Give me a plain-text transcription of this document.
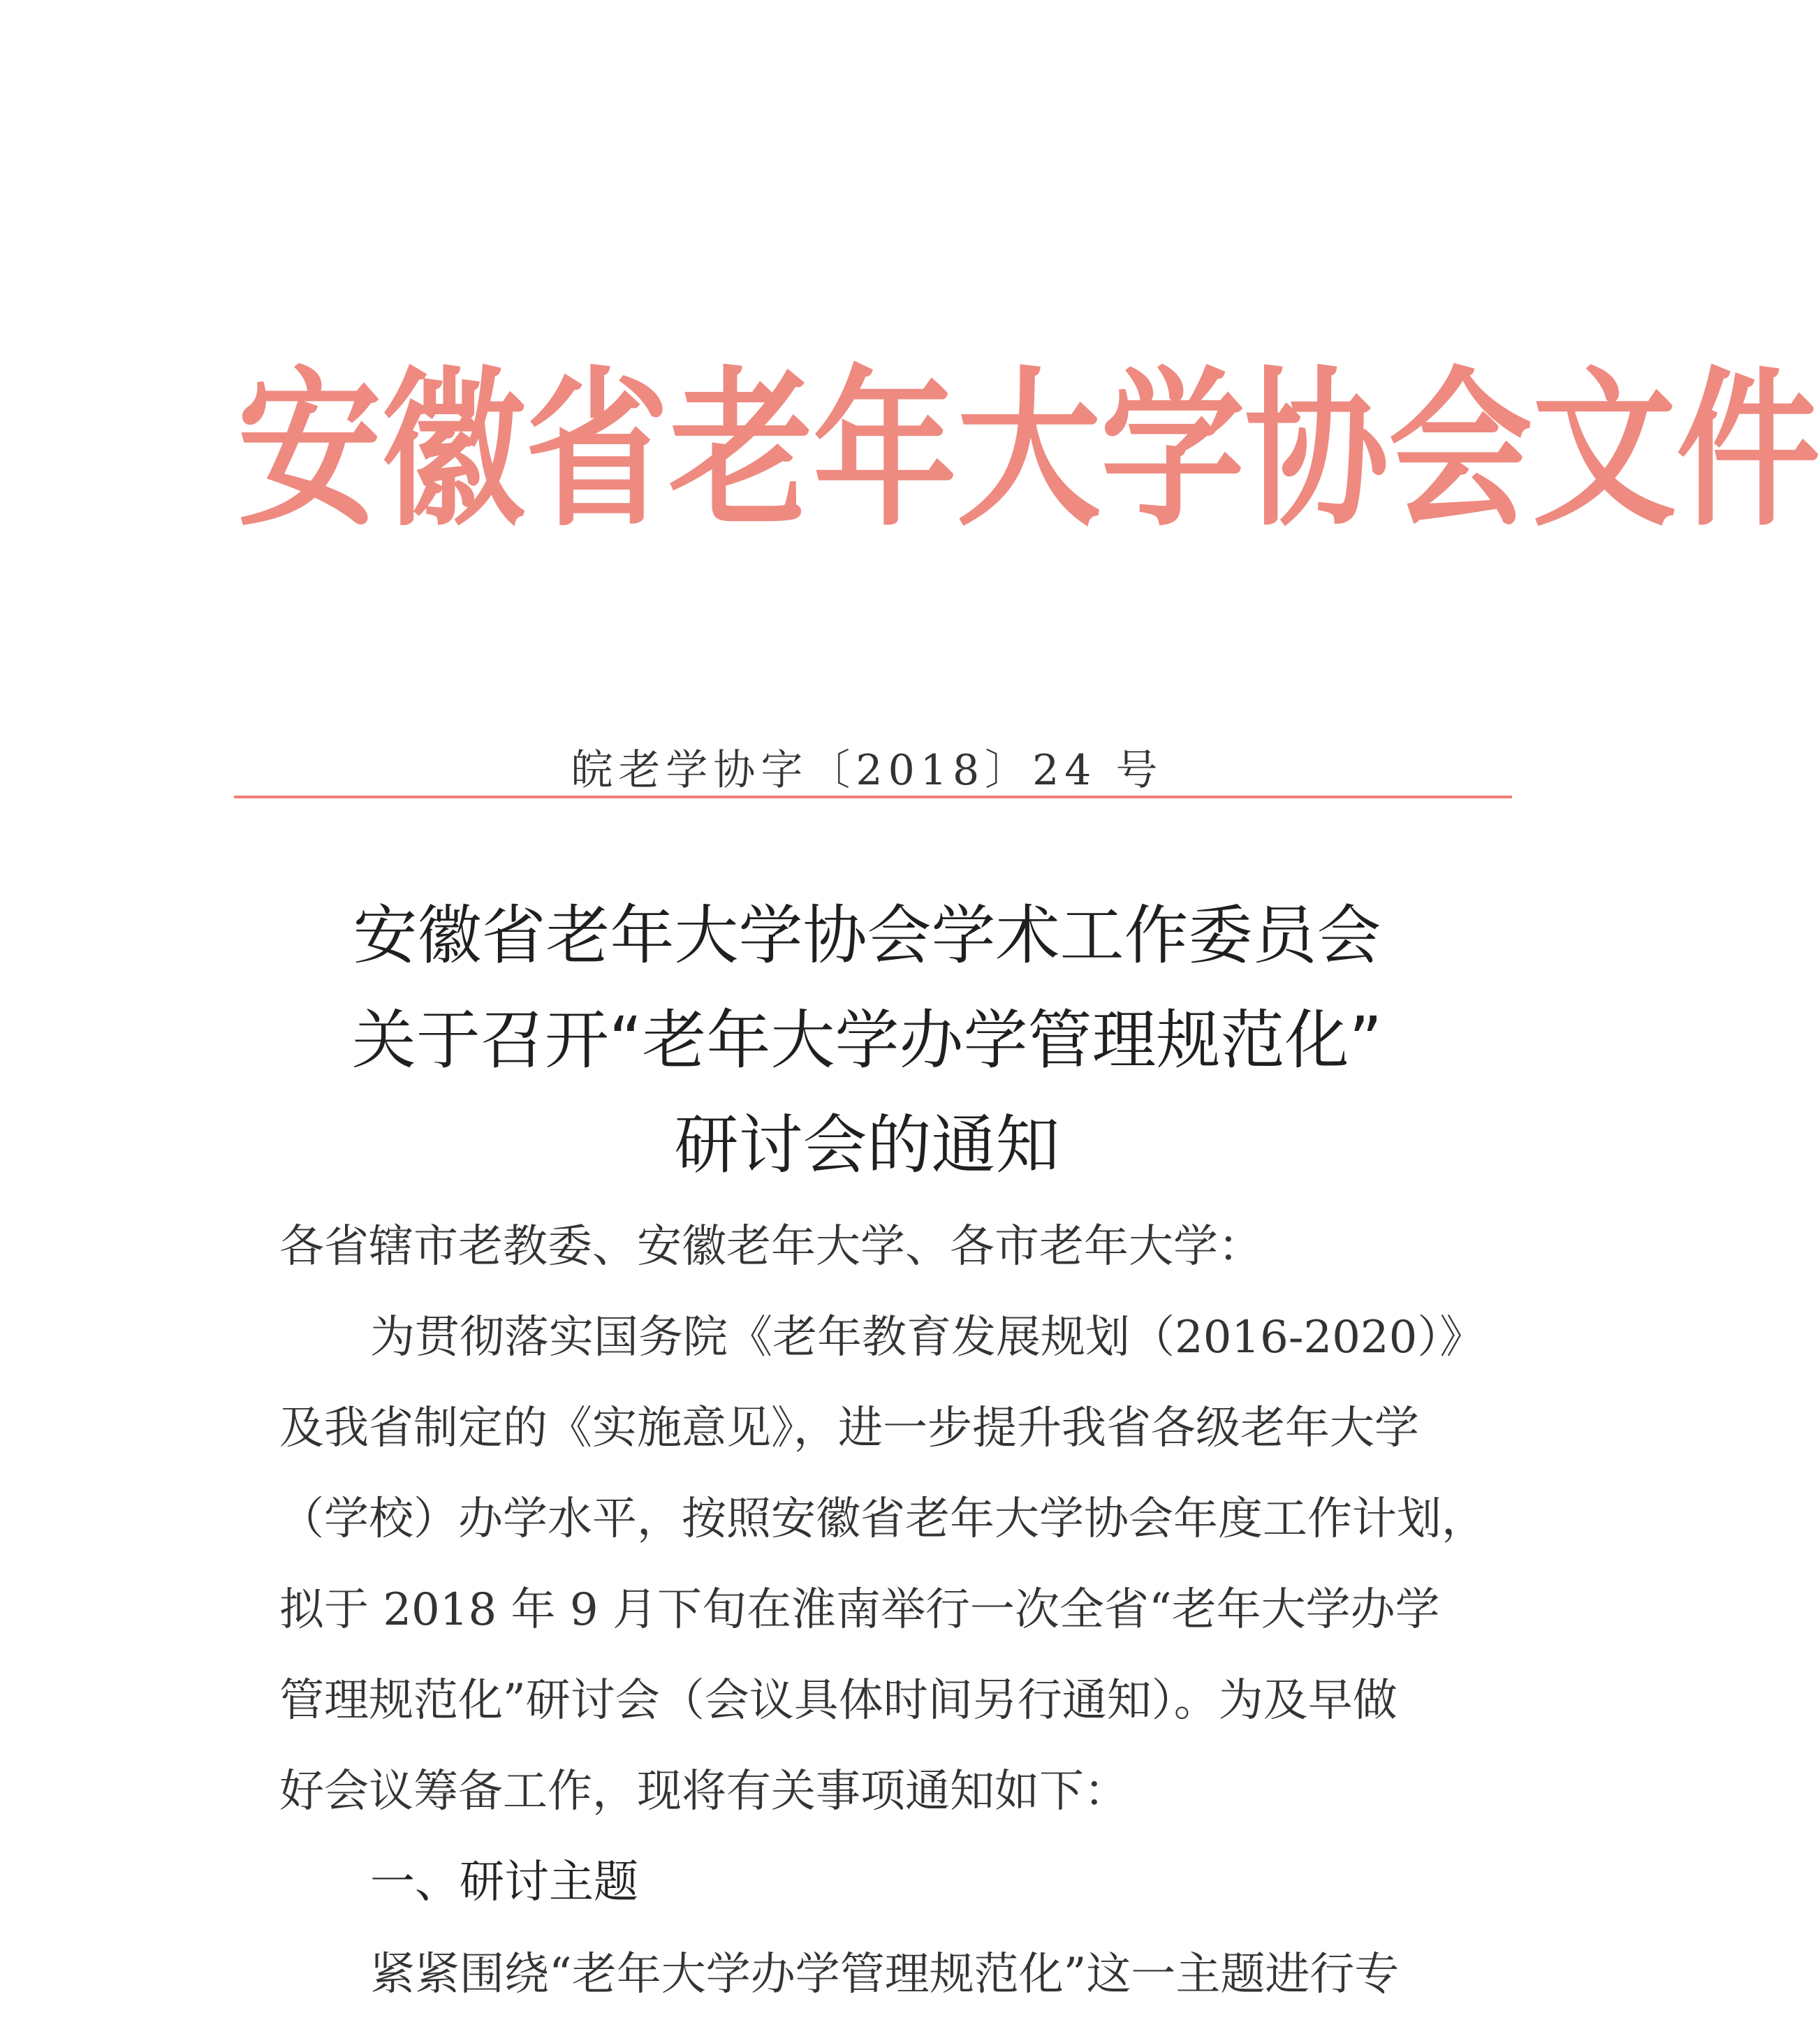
安 徽 省 老 年 大 学 协 会 文 件
皖老学协字〔2018〕24 号
安徽省老年大学协会学术工作委员会
关于召开“老年大学办学管理规范化”
研讨会的通知
各省辖市老教委、安徽老年大学、各市老年大学：
为贯彻落实国务院《老年教育发展规划（2016-2020）》
及我省制定的《实施意见》，进一步提升我省各级老年大学
（学校）办学水平，按照安徽省老年大学协会年度工作计划，
拟于 2018 年 9 月下旬在淮南举行一次全省“老年大学办学
管理规范化”研讨会（会议具体时间另行通知）。为及早做
好会议筹备工作，现将有关事项通知如下：
一、研讨主题
紧紧围绕“老年大学办学管理规范化”这一主题进行专
